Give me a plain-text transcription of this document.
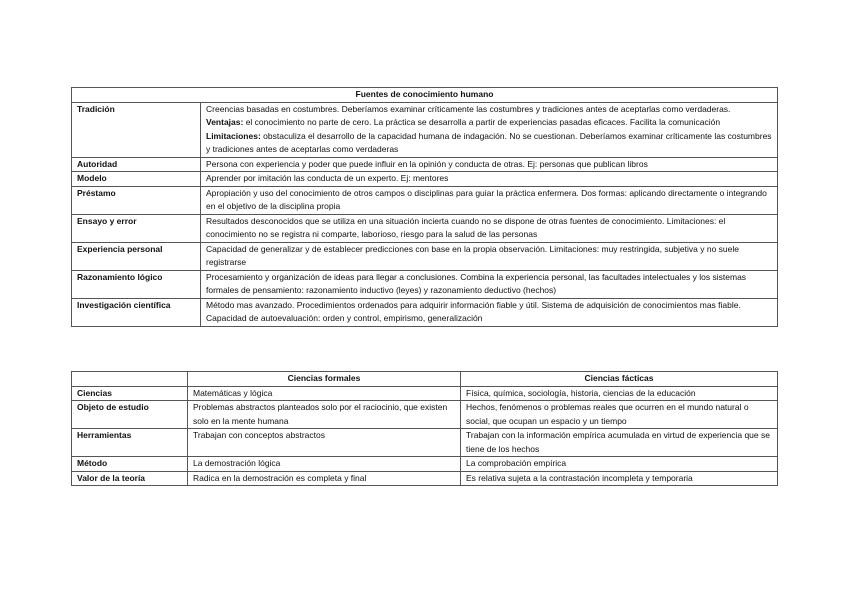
Fuentes de conocimiento humano	
Tradición	Creencias basadas en costumbres. Deberíamos examinar críticamente las costumbres y tradiciones antes de aceptarlas como verdaderas.
Ventajas: el conocimiento no parte de cero. La práctica se desarrolla a partir de experiencias pasadas eficaces. Facilita la comunicación
Limitaciones: obstaculiza el desarrollo de la capacidad humana de indagación. No se cuestionan. Deberíamos examinar críticamente las costumbres y tradiciones antes de aceptarlas como verdaderas

Autoridad	Persona con experiencia y poder que puede influir en la opinión y conducta de otras. Ej: personas que publican libros
Modelo	Aprender por imitación las conducta de un experto. Ej: mentores
Préstamo	Apropiación y uso del conocimiento de otros campos o disciplinas para guiar la práctica enfermera. Dos formas: aplicando directamente o integrando en el objetivo de la disciplina propia
Ensayo y error	Resultados desconocidos que se utiliza en una situación incierta cuando no se dispone de otras fuentes de conocimiento. Limitaciones: el conocimiento no se registra ni comparte, laborioso, riesgo para la salud de las personas
Experiencia personal	Capacidad de generalizar y de establecer predicciones con base en la propia observación. Limitaciones: muy restringida, subjetiva y no suele registrarse
Razonamiento lógico	Procesamiento y organización de ideas para llegar a conclusiones. Combina la experiencia personal, las facultades intelectuales y los sistemas formales de pensamiento: razonamiento inductivo (leyes) y razonamiento deductivo (hechos)
Investigación científica	Método mas avanzado. Procedimientos ordenados para adquirir información fiable y útil. Sistema de adquisición de conocimientos mas fiable. Capacidad de autoevaluación: orden y control, empirismo, generalización
	Ciencias formales	Ciencias fácticas
Ciencias	Matemáticas y lógica	Física, química, sociología, historia, ciencias de la educación
Objeto de estudio	Problemas abstractos planteados solo por el raciocinio, que existen solo en la mente humana	Hechos, fenómenos o problemas reales que ocurren en el mundo natural o social, que ocupan un espacio y un tiempo
Herramientas	Trabajan con conceptos abstractos	Trabajan con la información empírica acumulada en virtud de experiencia que se tiene de los hechos
Método	La demostración lógica	La comprobación empírica
Valor de la teoría	Radica en la demostración es completa y final	Es relativa sujeta a la contrastación incompleta y temporaria
